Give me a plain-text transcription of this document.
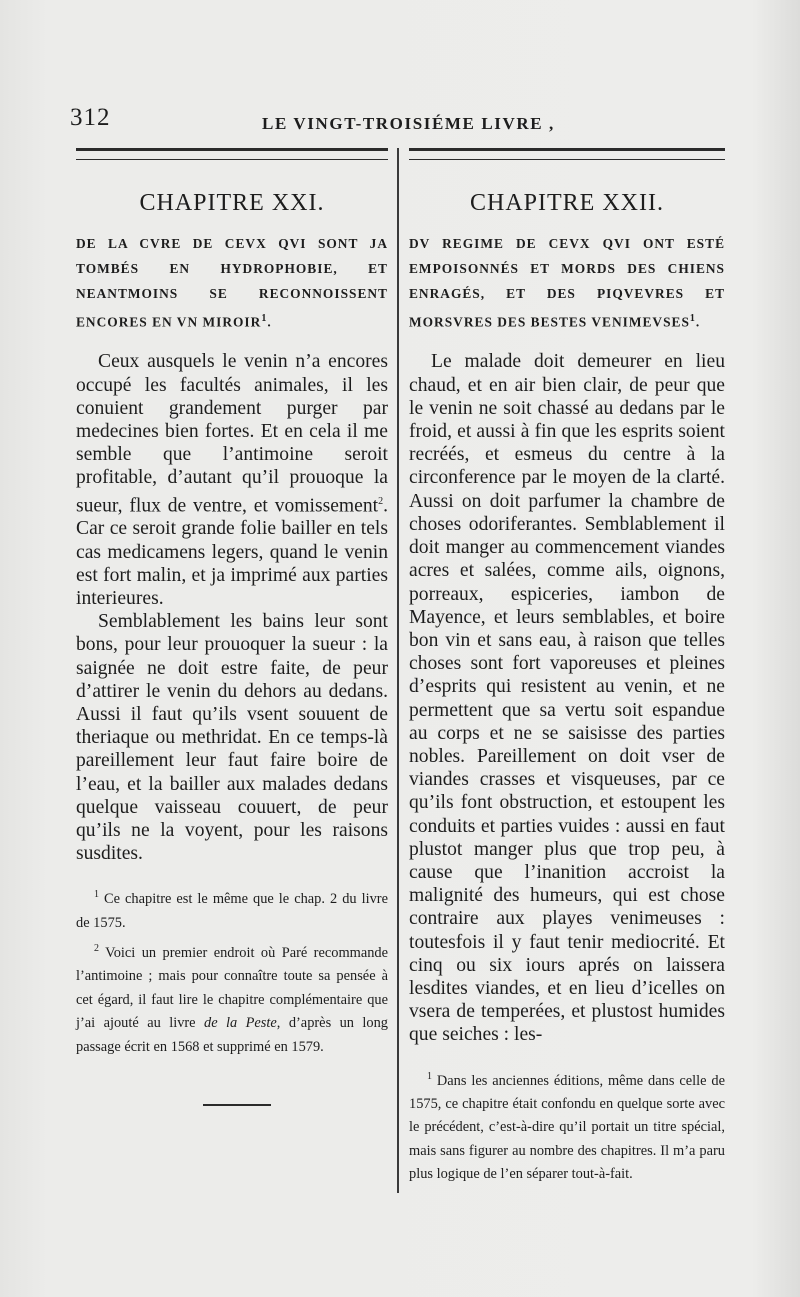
312	LE VINGT-TROISIÉME LIVRE ,
CHAPITRE XXI.
DE LA CVRE DE CEVX QVI SONT JA TOMBÉS EN HYDROPHOBIE, ET NEANTMOINS SE RECONNOISSENT ENCORES EN VN MIROIR$^1$.

Ceux ausquels le venin n’a encores occupé les facultés animales, il les conuient grandement purger par medecines bien fortes. Et en cela il me semble que l’antimoine seroit profitable, d’autant qu’il prouoque la sueur, flux de ventre, et vomissement$^2$. Car ce seroit grande folie bailler en tels cas medicamens legers, quand le venin est fort malin, et ja imprimé aux parties interieures.

Semblablement les bains leur sont bons, pour leur prouoquer la sueur : la saignée ne doit estre faite, de peur d’attirer le venin du dehors au dedans. Aussi il faut qu’ils vsent souuent de theriaque ou methridat. En ce temps-là pareillement leur faut faire boire de l’eau, et la bailler aux malades dedans quelque vaisseau couuert, de peur qu’ils ne la voyent, pour les raisons susdites.

$^1$ Ce chapitre est le même que le chap. 2 du livre de 1575.

$^2$ Voici un premier endroit où Paré recommande l’antimoine ; mais pour connaître toute sa pensée à cet égard, il faut lire le chapitre complémentaire que j’ai ajouté au livre de la Peste, d’après un long passage écrit en 1568 et supprimé en 1579.

CHAPITRE XXII.
DV REGIME DE CEVX QVI ONT ESTÉ EMPOISONNÉS ET MORDS DES CHIENS ENRAGÉS, ET DES PIQVEVRES ET MORSVRES DES BESTES VENIMEVSES$^1$.

Le malade doit demeurer en lieu chaud, et en air bien clair, de peur que le venin ne soit chassé au dedans par le froid, et aussi à fin que les esprits soient recréés, et esmeus du centre à la circonference par le moyen de la clarté. Aussi on doit parfumer la chambre de choses odoriferantes. Semblablement il doit manger au commencement viandes acres et salées, comme ails, oignons, porreaux, espiceries, iambon de Mayence, et leurs semblables, et boire bon vin et sans eau, à raison que telles choses sont fort vaporeuses et pleines d’esprits qui resistent au venin, et ne permettent que sa vertu soit espandue au corps et ne se saisisse des parties nobles. Pareillement on doit vser de viandes crasses et visqueuses, par ce qu’ils font obstruction, et estoupent les conduits et parties vuides : aussi en faut plustot manger plus que trop peu, à cause que l’inanition accroist la malignité des humeurs, qui est chose contraire aux playes venimeuses : toutesfois il y faut tenir mediocrité. Et cinq ou six iours aprés on laissera lesdites viandes, et en lieu d’icelles on vsera de temperées, et plustost humides que seiches : les-

$^1$ Dans les anciennes éditions, même dans celle de 1575, ce chapitre était confondu en quelque sorte avec le précédent, c’est-à-dire qu’il portait un titre spécial, mais sans figurer au nombre des chapitres. Il m’a paru plus logique de l’en séparer tout-à-fait.
